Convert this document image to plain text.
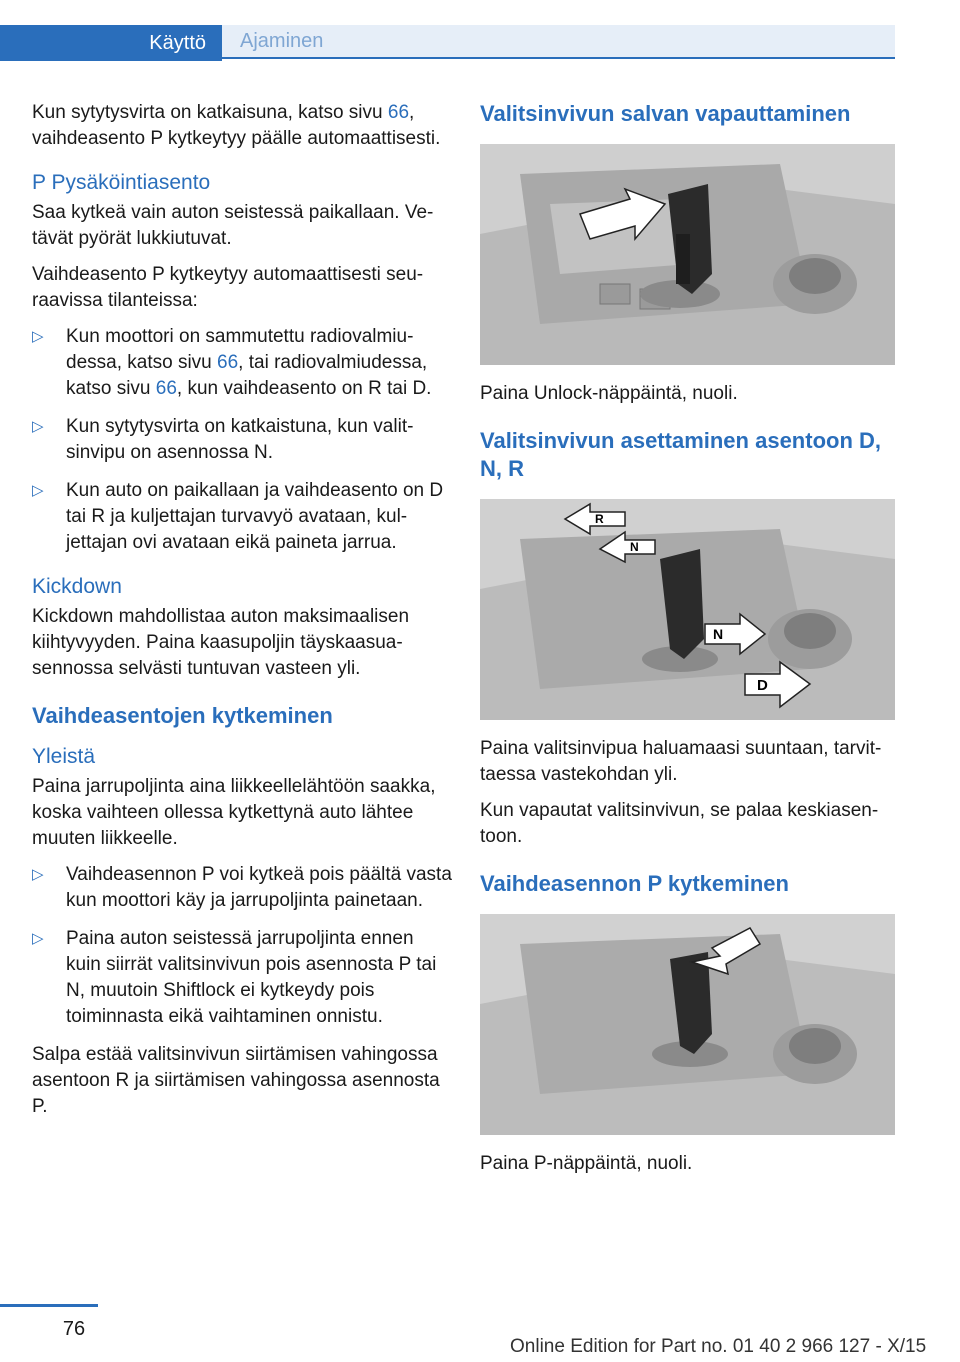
Käyttö	Ajaminen

Kun sytytysvirta on katkaisuna, katso sivu 66, vaihdeasento P kytkeytyy päälle automaattisesti.

P Pysäköintiasento

Saa kytkeä vain auton seistessä paikallaan. Vetävät pyörät lukkiutuvat.

Vaihdeasento P kytkeytyy automaattisesti seuraavissa tilanteissa:

▷ Kun moottori on sammutettu radiovalmiudessa, katso sivu 66, tai radiovalmiudessa, katso sivu 66, kun vaihdeasento on R tai D.
▷ Kun sytytysvirta on katkaistuna, kun valitsinvipu on asennossa N.
▷ Kun auto on paikallaan ja vaihdeasento on D tai R ja kuljettajan turvavyö avataan, kuljettajan ovi avataan eikä paineta jarrua.
Kickdown

Kickdown mahdollistaa auton maksimaalisen kiihtyvyyden. Paina kaasupoljin täyskaasuasennossa selvästi tuntuvan vasteen yli.

Vaihdeasentojen kytkeminen
Yleistä

Paina jarrupoljinta aina liikkeellelähtöön saakka, koska vaihteen ollessa kytkettynä auto lähtee muuten liikkeelle.

▷ Vaihdeasennon P voi kytkeä pois päältä vasta kun moottori käy ja jarrupoljinta painetaan.
▷ Paina auton seistessä jarrupoljinta ennen kuin siirrät valitsinvivun pois asennosta P tai N, muutoin Shiftlock ei kytkeydy pois toiminnasta eikä vaihtaminen onnistu.

Salpa estää valitsinvivun siirtämisen vahingossa asentoon R ja siirtämisen vahingossa asennosta P.

Valitsinvivun salvan vapauttaminen

Paina Unlock-näppäintä, nuoli.

Valitsinvivun asettaminen asentoon D, N, R
R
N
N
D

Paina valitsinvipua haluamaasi suuntaan, tarvittaessa vastekohdan yli.

Kun vapautat valitsinvivun, se palaa keskiasentoon.

Vaihdeasennon P kytkeminen

Paina P-näppäintä, nuoli.

76
Online Edition for Part no. 01 40 2 966 127 - X/15
